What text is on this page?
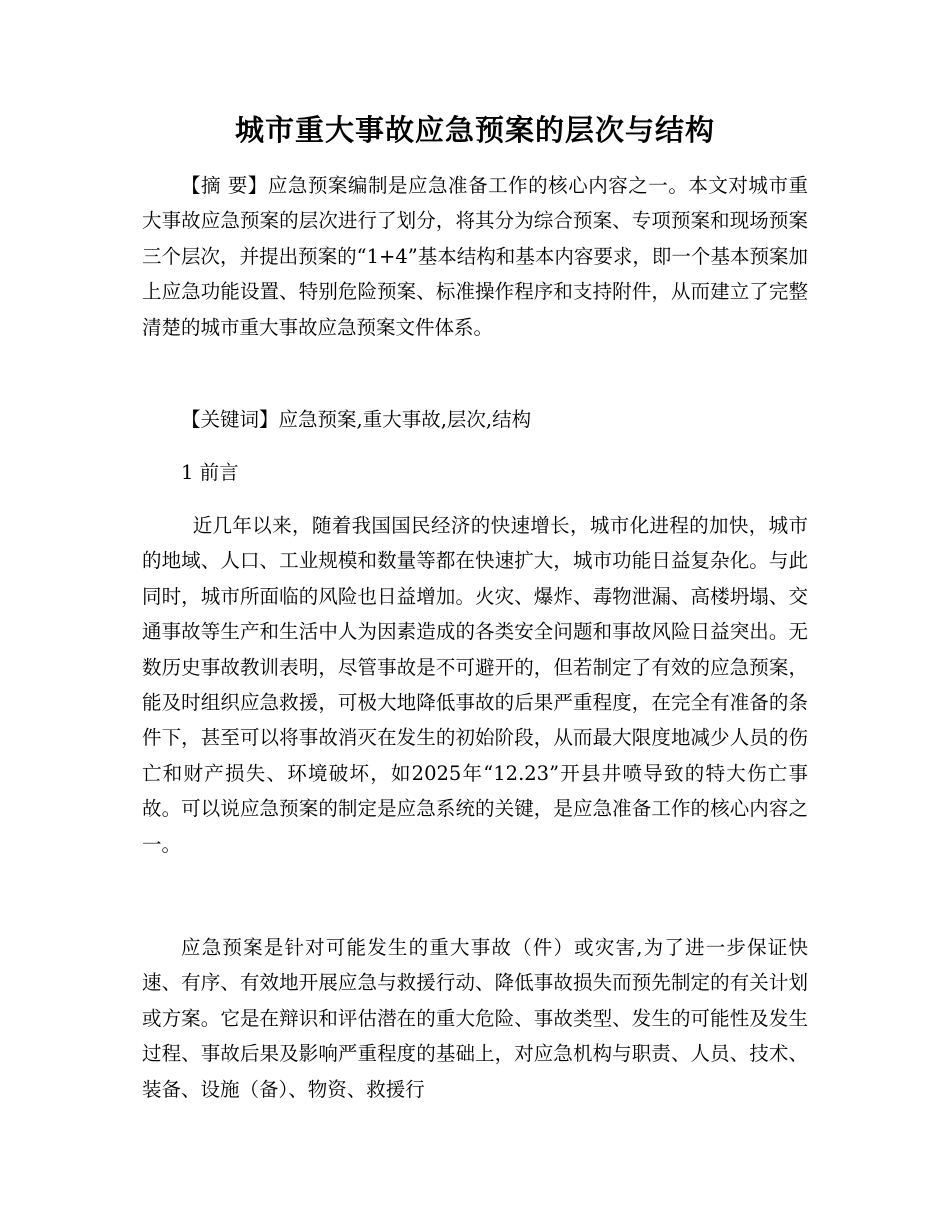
城市重大事故应急预案的层次与结构

【摘 要】应急预案编制是应急准备工作的核心内容之一。本文对城市重大事故应急预案的层次进行了划分，将其分为综合预案、专项预案和现场预案三个层次，并提出预案的“1+4”基本结构和基本内容要求，即一个基本预案加上应急功能设置、特别危险预案、标准操作程序和支持附件，从而建立了完整清楚的城市重大事故应急预案文件体系。

【关键词】应急预案,重大事故,层次,结构

1 前言

近几年以来，随着我国国民经济的快速增长，城市化进程的加快，城市的地域、人口、工业规模和数量等都在快速扩大，城市功能日益复杂化。与此同时，城市所面临的风险也日益增加。火灾、爆炸、毒物泄漏、高楼坍塌、交通事故等生产和生活中人为因素造成的各类安全问题和事故风险日益突出。无数历史事故教训表明，尽管事故是不可避开的，但若制定了有效的应急预案，能及时组织应急救援，可极大地降低事故的后果严重程度，在完全有准备的条件下，甚至可以将事故消灭在发生的初始阶段，从而最大限度地减少人员的伤亡和财产损失、环境破坏，如2025年“12.23”开县井喷导致的特大伤亡事故。可以说应急预案的制定是应急系统的关键，是应急准备工作的核心内容之一。

应急预案是针对可能发生的重大事故（件）或灾害,为了进一步保证快速、有序、有效地开展应急与救援行动、降低事故损失而预先制定的有关计划或方案。它是在辩识和评估潜在的重大危险、事故类型、发生的可能性及发生过程、事故后果及影响严重程度的基础上，对应急机构与职责、人员、技术、装备、设施（备）、物资、救援行
